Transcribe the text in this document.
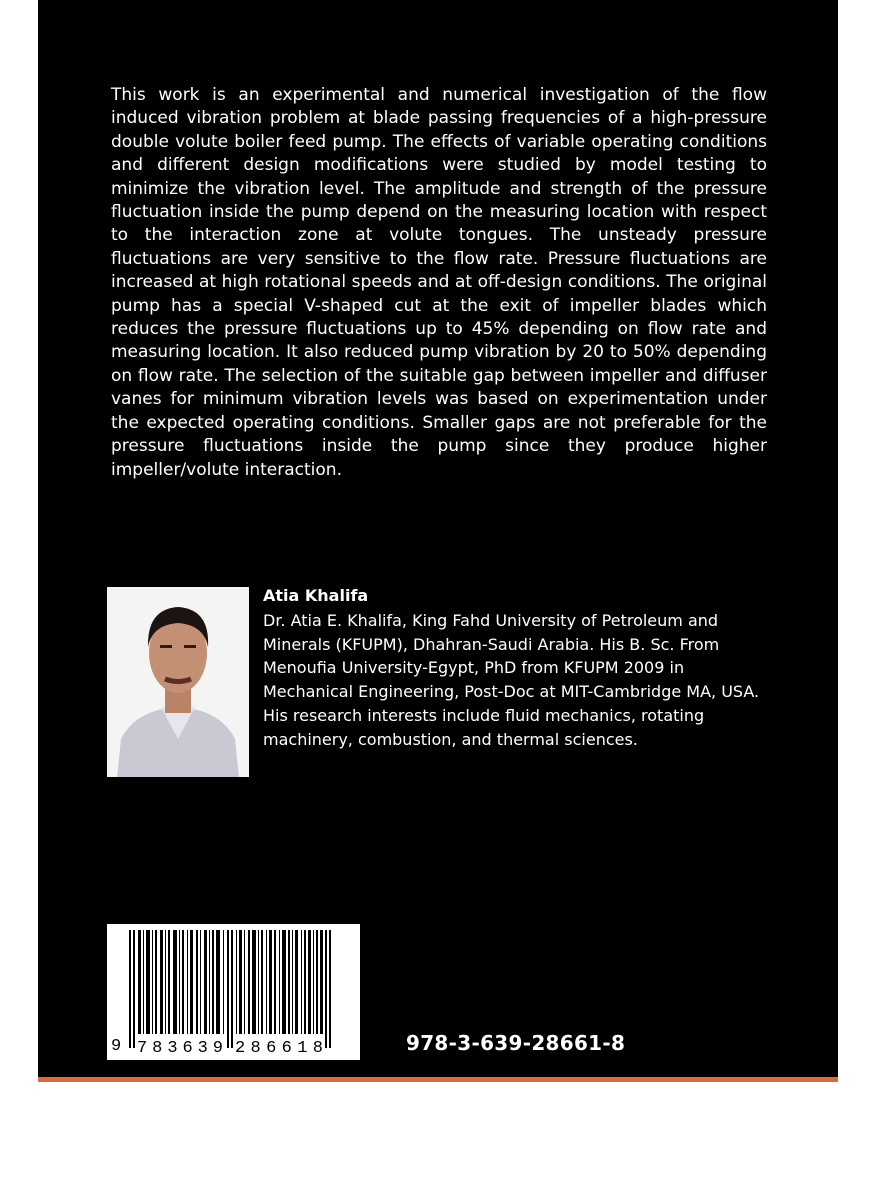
This work is an experimental and numerical investigation of the flow induced vibration problem at blade passing frequencies of a high-pressure double volute boiler feed pump. The effects of variable operating conditions and different design modifications were studied by model testing to minimize the vibration level. The amplitude and strength of the pressure fluctuation inside the pump depend on the measuring location with respect to the interaction zone at volute tongues. The unsteady pressure fluctuations are very sensitive to the flow rate. Pressure fluctuations are increased at high rotational speeds and at off-design conditions. The original pump has a special V-shaped cut at the exit of impeller blades which reduces the pressure fluctuations up to 45% depending on flow rate and measuring location. It also reduced pump vibration by 20 to 50% depending on flow rate. The selection of the suitable gap between impeller and diffuser vanes for minimum vibration levels was based on experimentation under the expected operating conditions. Smaller gaps are not preferable for the pressure fluctuations inside the pump since they produce higher impeller/volute interaction.

Atia Khalifa

Dr. Atia E. Khalifa, King Fahd University of Petroleum and Minerals (KFUPM), Dhahran-Saudi Arabia. His B. Sc. From Menoufia University-Egypt, PhD from KFUPM 2009 in Mechanical Engineering, Post-Doc at MIT-Cambridge MA, USA. His research interests include fluid mechanics, rotating machinery, combustion, and thermal sciences.

9 783639 286618	978-3-639-28661-8
